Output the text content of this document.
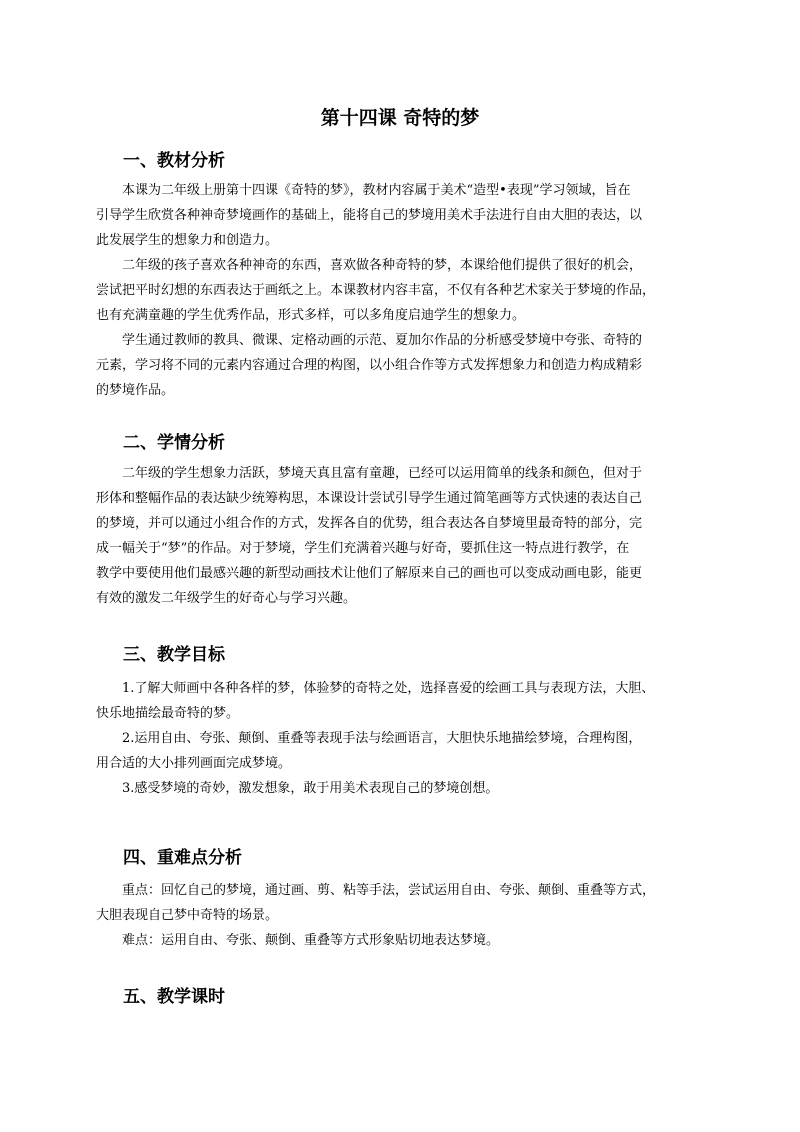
第十四课 奇特的梦
一、教材分析
本课为二年级上册第十四课《奇特的梦》，教材内容属于美术“造型•表现”学习领域，旨在
引导学生欣赏各种神奇梦境画作的基础上，能将自己的梦境用美术手法进行自由大胆的表达，以
此发展学生的想象力和创造力。
二年级的孩子喜欢各种神奇的东西，喜欢做各种奇特的梦，本课给他们提供了很好的机会，
尝试把平时幻想的东西表达于画纸之上。本课教材内容丰富，不仅有各种艺术家关于梦境的作品，
也有充满童趣的学生优秀作品，形式多样，可以多角度启迪学生的想象力。
学生通过教师的教具、微课、定格动画的示范、夏加尔作品的分析感受梦境中夸张、奇特的
元素，学习将不同的元素内容通过合理的构图，以小组合作等方式发挥想象力和创造力构成精彩
的梦境作品。
二、学情分析
二年级的学生想象力活跃，梦境天真且富有童趣，已经可以运用简单的线条和颜色，但对于
形体和整幅作品的表达缺少统筹构思，本课设计尝试引导学生通过简笔画等方式快速的表达自己
的梦境，并可以通过小组合作的方式，发挥各自的优势，组合表达各自梦境里最奇特的部分，完
成一幅关于“梦”的作品。对于梦境，学生们充满着兴趣与好奇，要抓住这一特点进行教学，在
教学中要使用他们最感兴趣的新型动画技术让他们了解原来自己的画也可以变成动画电影，能更
有效的激发二年级学生的好奇心与学习兴趣。
三、教学目标
1.了解大师画中各种各样的梦，体验梦的奇特之处，选择喜爱的绘画工具与表现方法，大胆、
快乐地描绘最奇特的梦。
2.运用自由、夸张、颠倒、重叠等表现手法与绘画语言，大胆快乐地描绘梦境，合理构图，
用合适的大小排列画面完成梦境。
3.感受梦境的奇妙，激发想象，敢于用美术表现自己的梦境创想。
四、重难点分析
重点：回忆自己的梦境，通过画、剪、粘等手法，尝试运用自由、夸张、颠倒、重叠等方式，
大胆表现自己梦中奇特的场景。
难点：运用自由、夸张、颠倒、重叠等方式形象贴切地表达梦境。
五、教学课时
